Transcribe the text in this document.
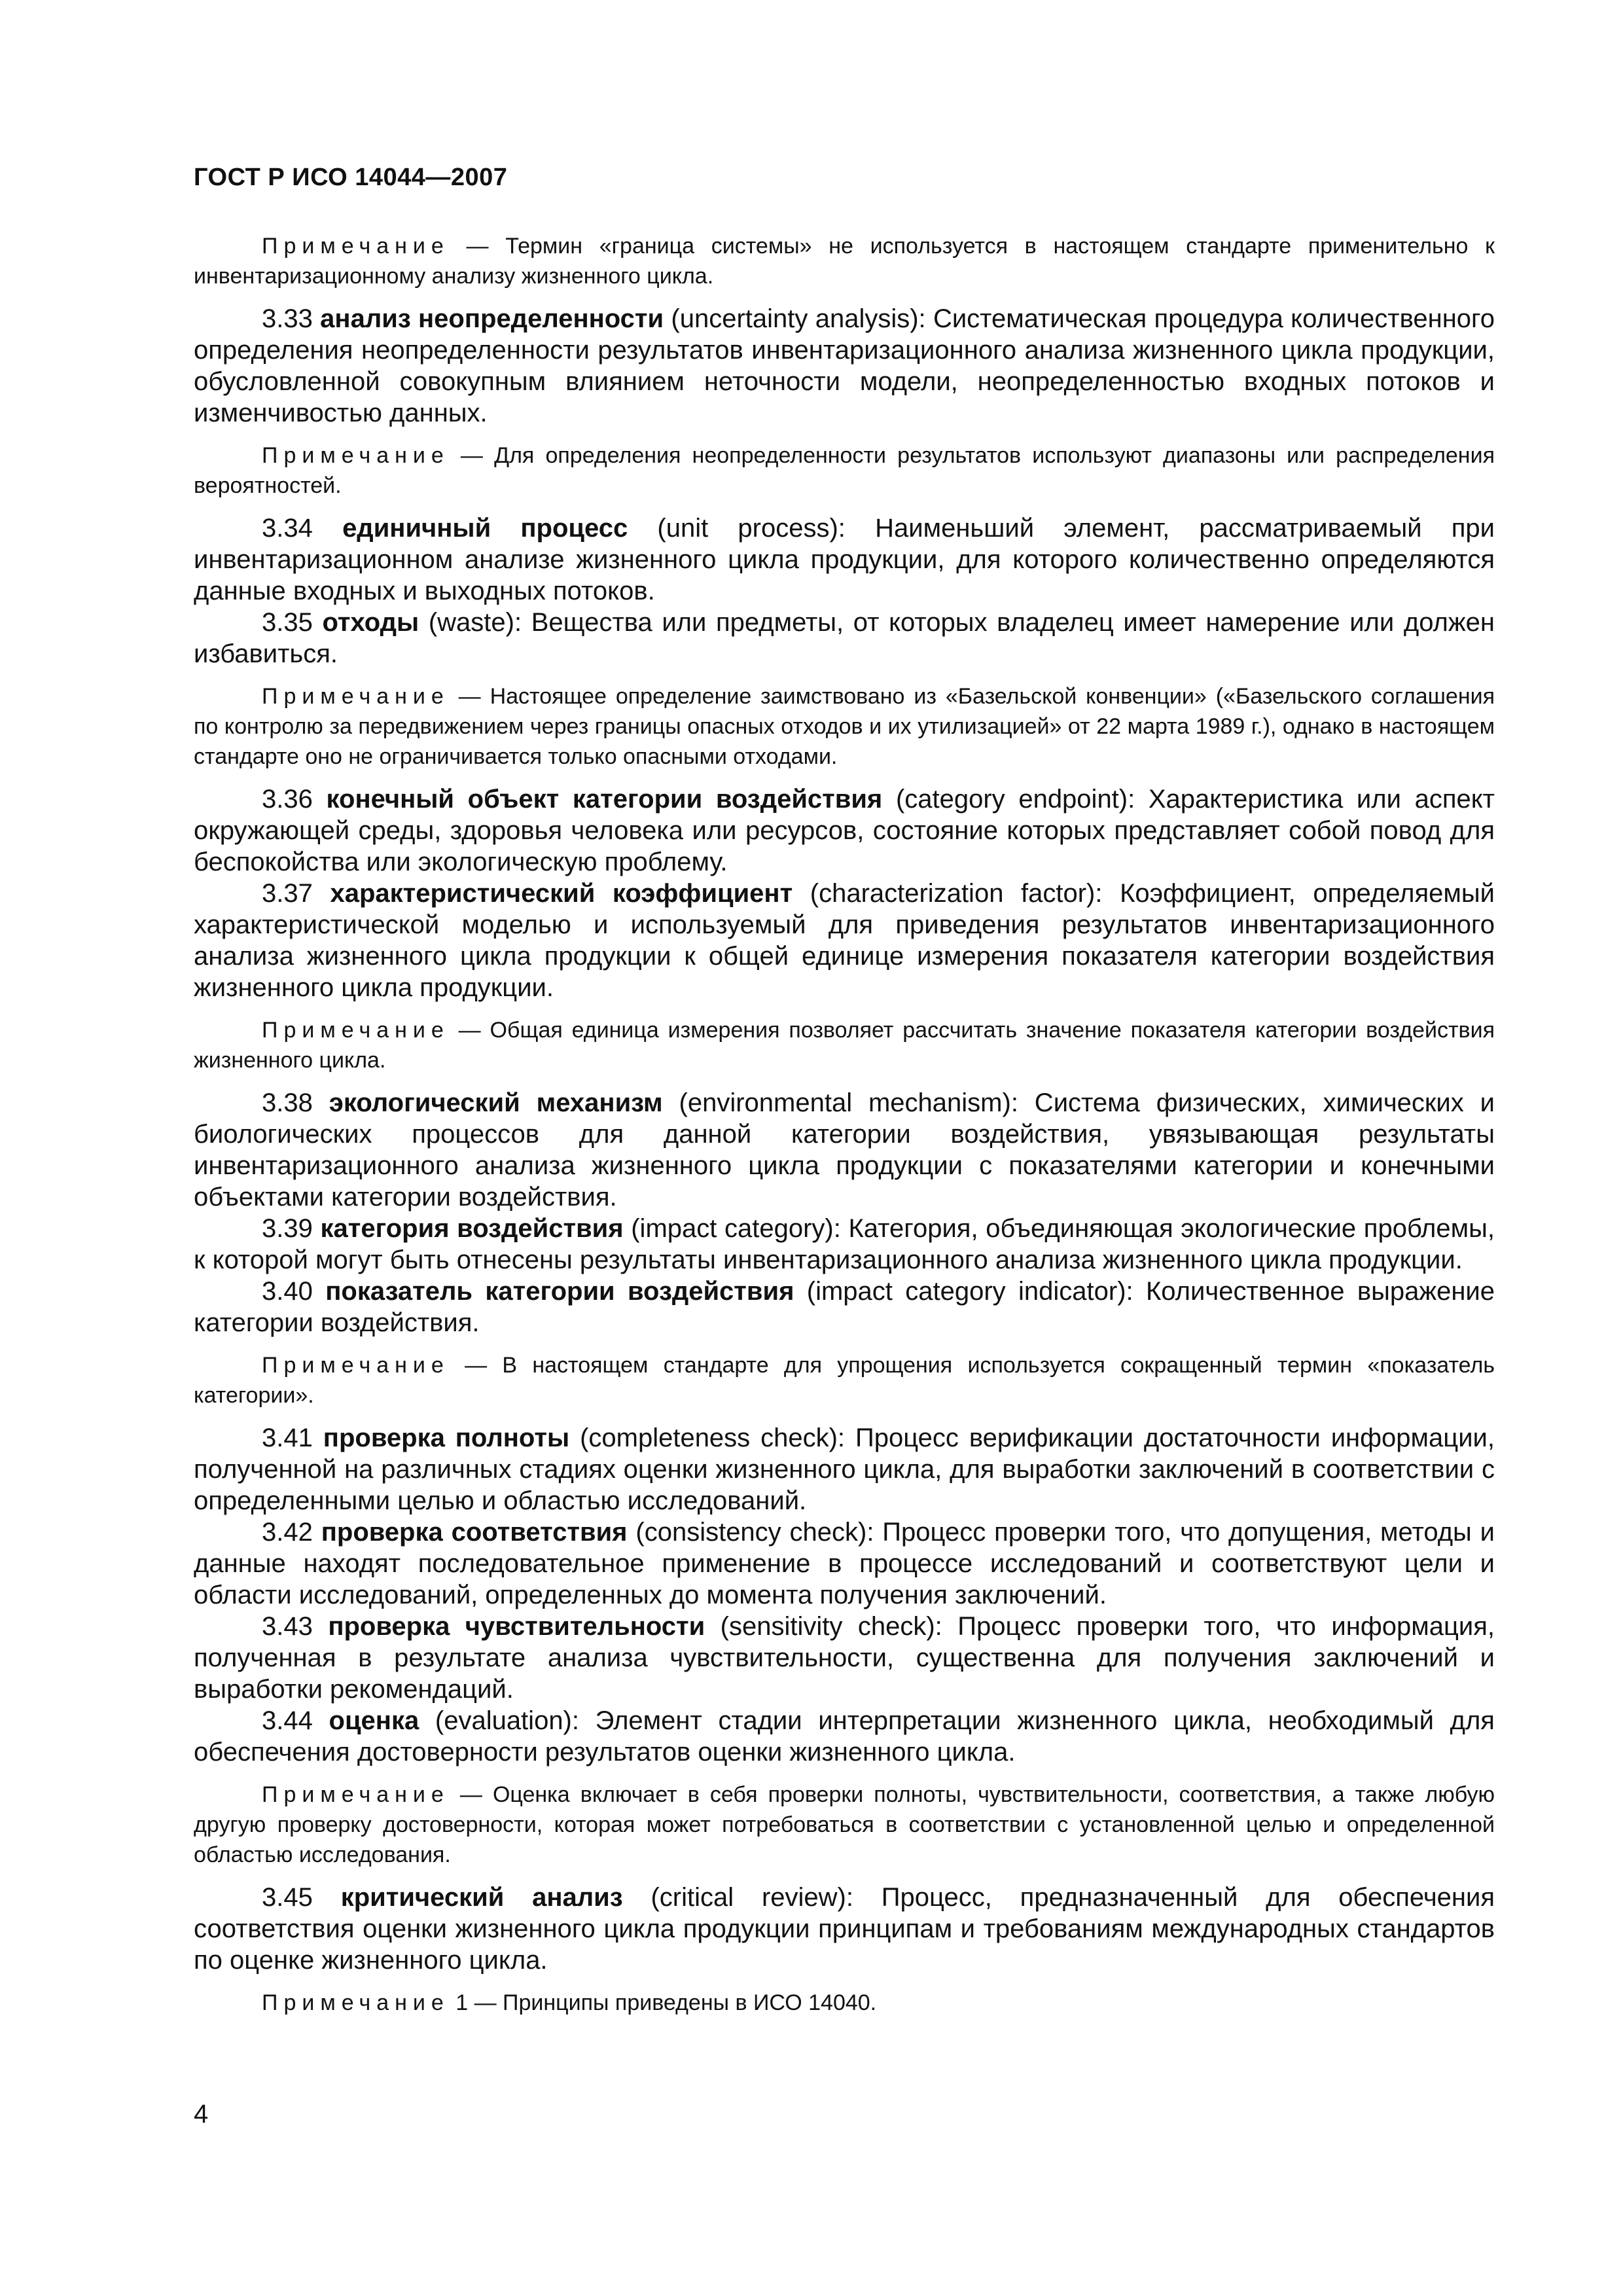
ГОСТ Р ИСО 14044—2007

Примечание — Термин «граница системы» не используется в настоящем стандарте применительно к инвентаризационному анализу жизненного цикла.

3.33 анализ неопределенности (uncertainty analysis): Систематическая процедура количественного определения неопределенности результатов инвентаризационного анализа жизненного цикла продукции, обусловленной совокупным влиянием неточности модели, неопределенностью входных потоков и изменчивостью данных.

Примечание — Для определения неопределенности результатов используют диапазоны или распределения вероятностей.

3.34 единичный процесс (unit process): Наименьший элемент, рассматриваемый при инвентаризационном анализе жизненного цикла продукции, для которого количественно определяются данные входных и выходных потоков.

3.35 отходы (waste): Вещества или предметы, от которых владелец имеет намерение или должен избавиться.

Примечание — Настоящее определение заимствовано из «Базельской конвенции» («Базельского соглашения по контролю за передвижением через границы опасных отходов и их утилизацией» от 22 марта 1989 г.), однако в настоящем стандарте оно не ограничивается только опасными отходами.

3.36 конечный объект категории воздействия (category endpoint): Характеристика или аспект окружающей среды, здоровья человека или ресурсов, состояние которых представляет собой повод для беспокойства или экологическую проблему.

3.37 характеристический коэффициент (characterization factor): Коэффициент, определяемый характеристической моделью и используемый для приведения результатов инвентаризационного анализа жизненного цикла продукции к общей единице измерения показателя категории воздействия жизненного цикла продукции.

Примечание — Общая единица измерения позволяет рассчитать значение показателя категории воздействия жизненного цикла.

3.38 экологический механизм (environmental mechanism): Система физических, химических и биологических процессов для данной категории воздействия, увязывающая результаты инвентаризационного анализа жизненного цикла продукции с показателями категории и конечными объектами категории воздействия.

3.39 категория воздействия (impact category): Категория, объединяющая экологические проблемы, к которой могут быть отнесены результаты инвентаризационного анализа жизненного цикла продукции.

3.40 показатель категории воздействия (impact category indicator): Количественное выражение категории воздействия.

Примечание — В настоящем стандарте для упрощения используется сокращенный термин «показатель категории».

3.41 проверка полноты (completeness check): Процесс верификации достаточности информации, полученной на различных стадиях оценки жизненного цикла, для выработки заключений в соответствии с определенными целью и областью исследований.

3.42 проверка соответствия (consistency check): Процесс проверки того, что допущения, методы и данные находят последовательное применение в процессе исследований и соответствуют цели и области исследований, определенных до момента получения заключений.

3.43 проверка чувствительности (sensitivity check): Процесс проверки того, что информация, полученная в результате анализа чувствительности, существенна для получения заключений и выработки рекомендаций.

3.44 оценка (evaluation): Элемент стадии интерпретации жизненного цикла, необходимый для обеспечения достоверности результатов оценки жизненного цикла.

Примечание — Оценка включает в себя проверки полноты, чувствительности, соответствия, а также любую другую проверку достоверности, которая может потребоваться в соответствии с установленной целью и определенной областью исследования.

3.45 критический анализ (critical review): Процесс, предназначенный для обеспечения соответствия оценки жизненного цикла продукции принципам и требованиям международных стандартов по оценке жизненного цикла.

Примечание 1 — Принципы приведены в ИСО 14040.

4
